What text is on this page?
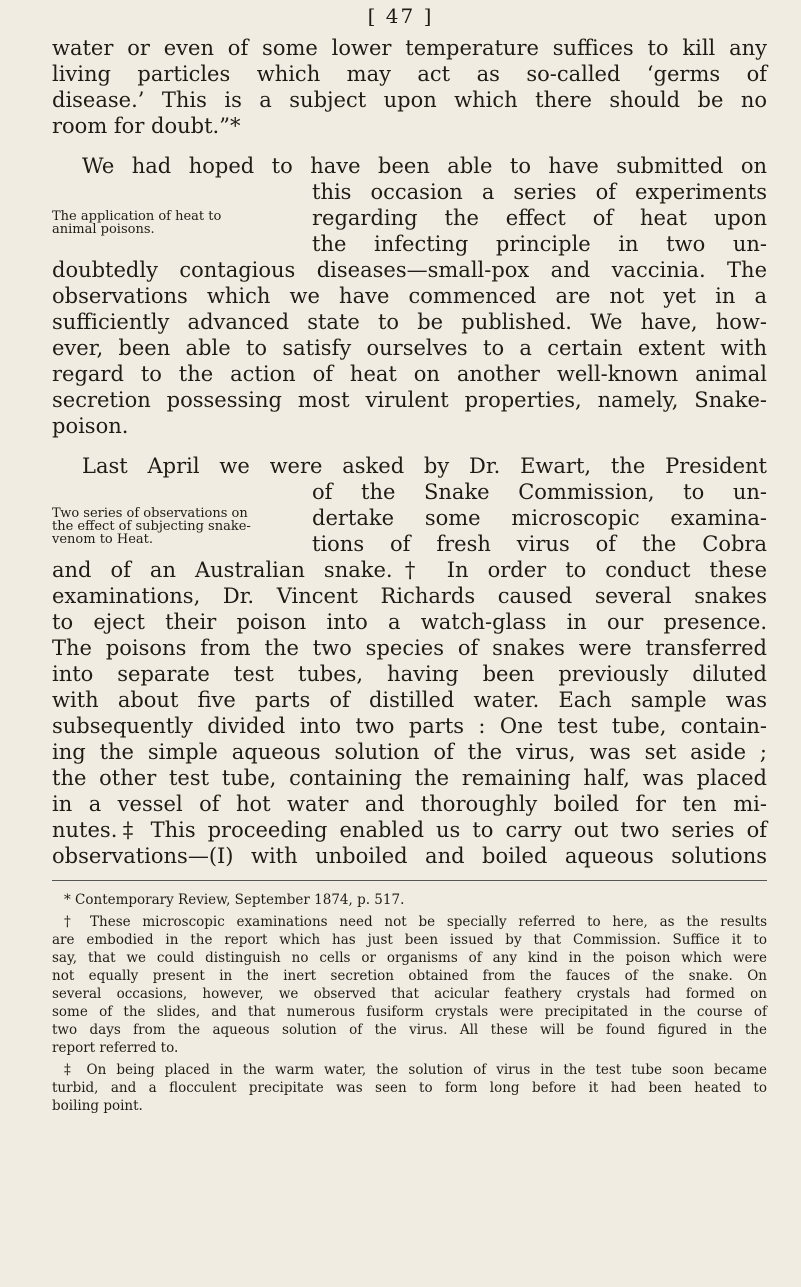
[ 47 ]
water or even of some lower temperature suffices to kill any
living particles which may act as so-called ‘germs of
disease.’ This is a subject upon which there should be no
room for doubt.”*
We had hoped to have been able to have submitted on
this occasion a series of experiments
regarding the effect of heat upon
the infecting principle in two un-
The application of heat to
animal poisons.
doubtedly contagious diseases—small-pox and vaccinia. The
observations which we have commenced are not yet in a
sufficiently advanced state to be published. We have, how-
ever, been able to satisfy ourselves to a certain extent with
regard to the action of heat on another well-known animal
secretion possessing most virulent properties, namely, Snake-
poison.
Last April we were asked by Dr. Ewart, the President
of the Snake Commission, to un-
dertake some microscopic examina-
tions of fresh virus of the Cobra
Two series of observations on
the effect of subjecting snake-
venom to Heat.
and of an Australian snake.† In order to conduct these
examinations, Dr. Vincent Richards caused several snakes
to eject their poison into a watch-glass in our presence.
The poisons from the two species of snakes were transferred
into separate test tubes, having been previously diluted
with about five parts of distilled water. Each sample was
subsequently divided into two parts : One test tube, contain-
ing the simple aqueous solution of the virus, was set aside ;
the other test tube, containing the remaining half, was placed
in a vessel of hot water and thoroughly boiled for ten mi-
nutes.‡ This proceeding enabled us to carry out two series of
observations—(I) with unboiled and boiled aqueous solutions
* Contemporary Review, September 1874, p. 517.
† These microscopic examinations need not be specially referred to here, as the results
are embodied in the report which has just been issued by that Commission. Suffice it to
say, that we could distinguish no cells or organisms of any kind in the poison which were
not equally present in the inert secretion obtained from the fauces of the snake. On
several occasions, however, we observed that acicular feathery crystals had formed on
some of the slides, and that numerous fusiform crystals were precipitated in the course of
two days from the aqueous solution of the virus. All these will be found figured in the
report referred to.
‡ On being placed in the warm water, the solution of virus in the test tube soon became
turbid, and a flocculent precipitate was seen to form long before it had been heated to
boiling point.
